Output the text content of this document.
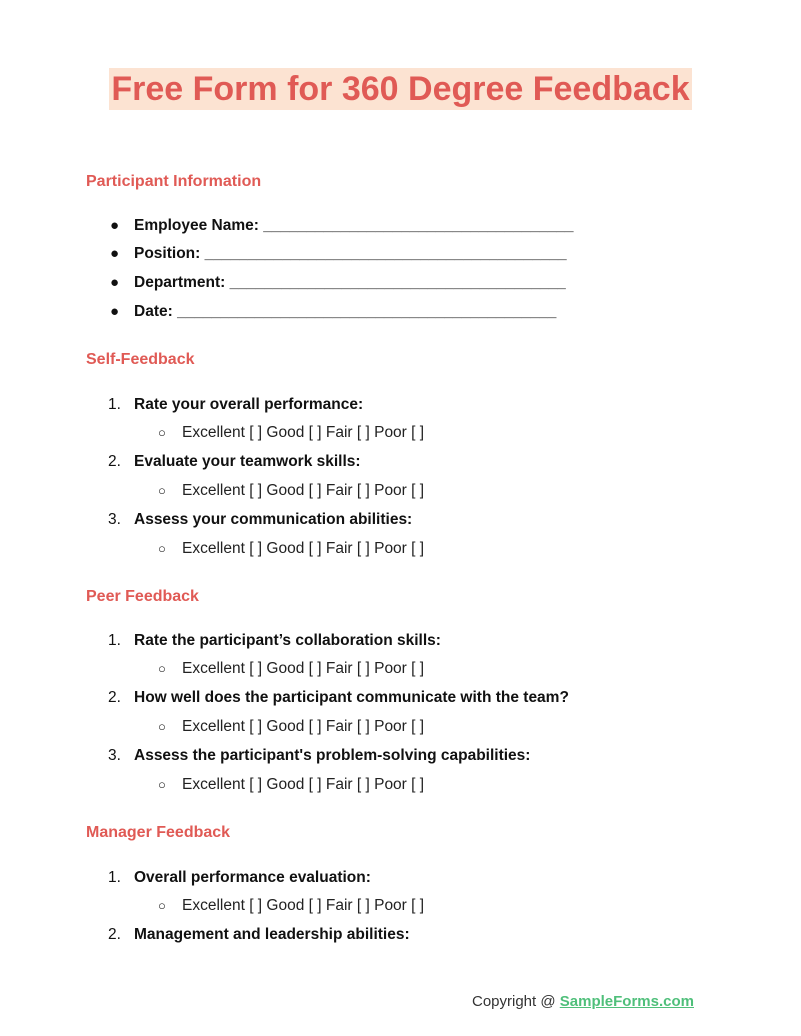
Free Form for 360 Degree Feedback
Participant Information
● Employee Name: ____________________________________
● Position: __________________________________________
● Department: _______________________________________
● Date: ____________________________________________
Self-Feedback
1. Rate your overall performance:
○ Excellent [ ] Good [ ] Fair [ ] Poor [ ]
2. Evaluate your teamwork skills:
○ Excellent [ ] Good [ ] Fair [ ] Poor [ ]
3. Assess your communication abilities:
○ Excellent [ ] Good [ ] Fair [ ] Poor [ ]
Peer Feedback
1. Rate the participant’s collaboration skills:
○ Excellent [ ] Good [ ] Fair [ ] Poor [ ]
2. How well does the participant communicate with the team?
○ Excellent [ ] Good [ ] Fair [ ] Poor [ ]
3. Assess the participant's problem-solving capabilities:
○ Excellent [ ] Good [ ] Fair [ ] Poor [ ]
Manager Feedback
1. Overall performance evaluation:
○ Excellent [ ] Good [ ] Fair [ ] Poor [ ]
2. Management and leadership abilities:
Copyright @ SampleForms.com
